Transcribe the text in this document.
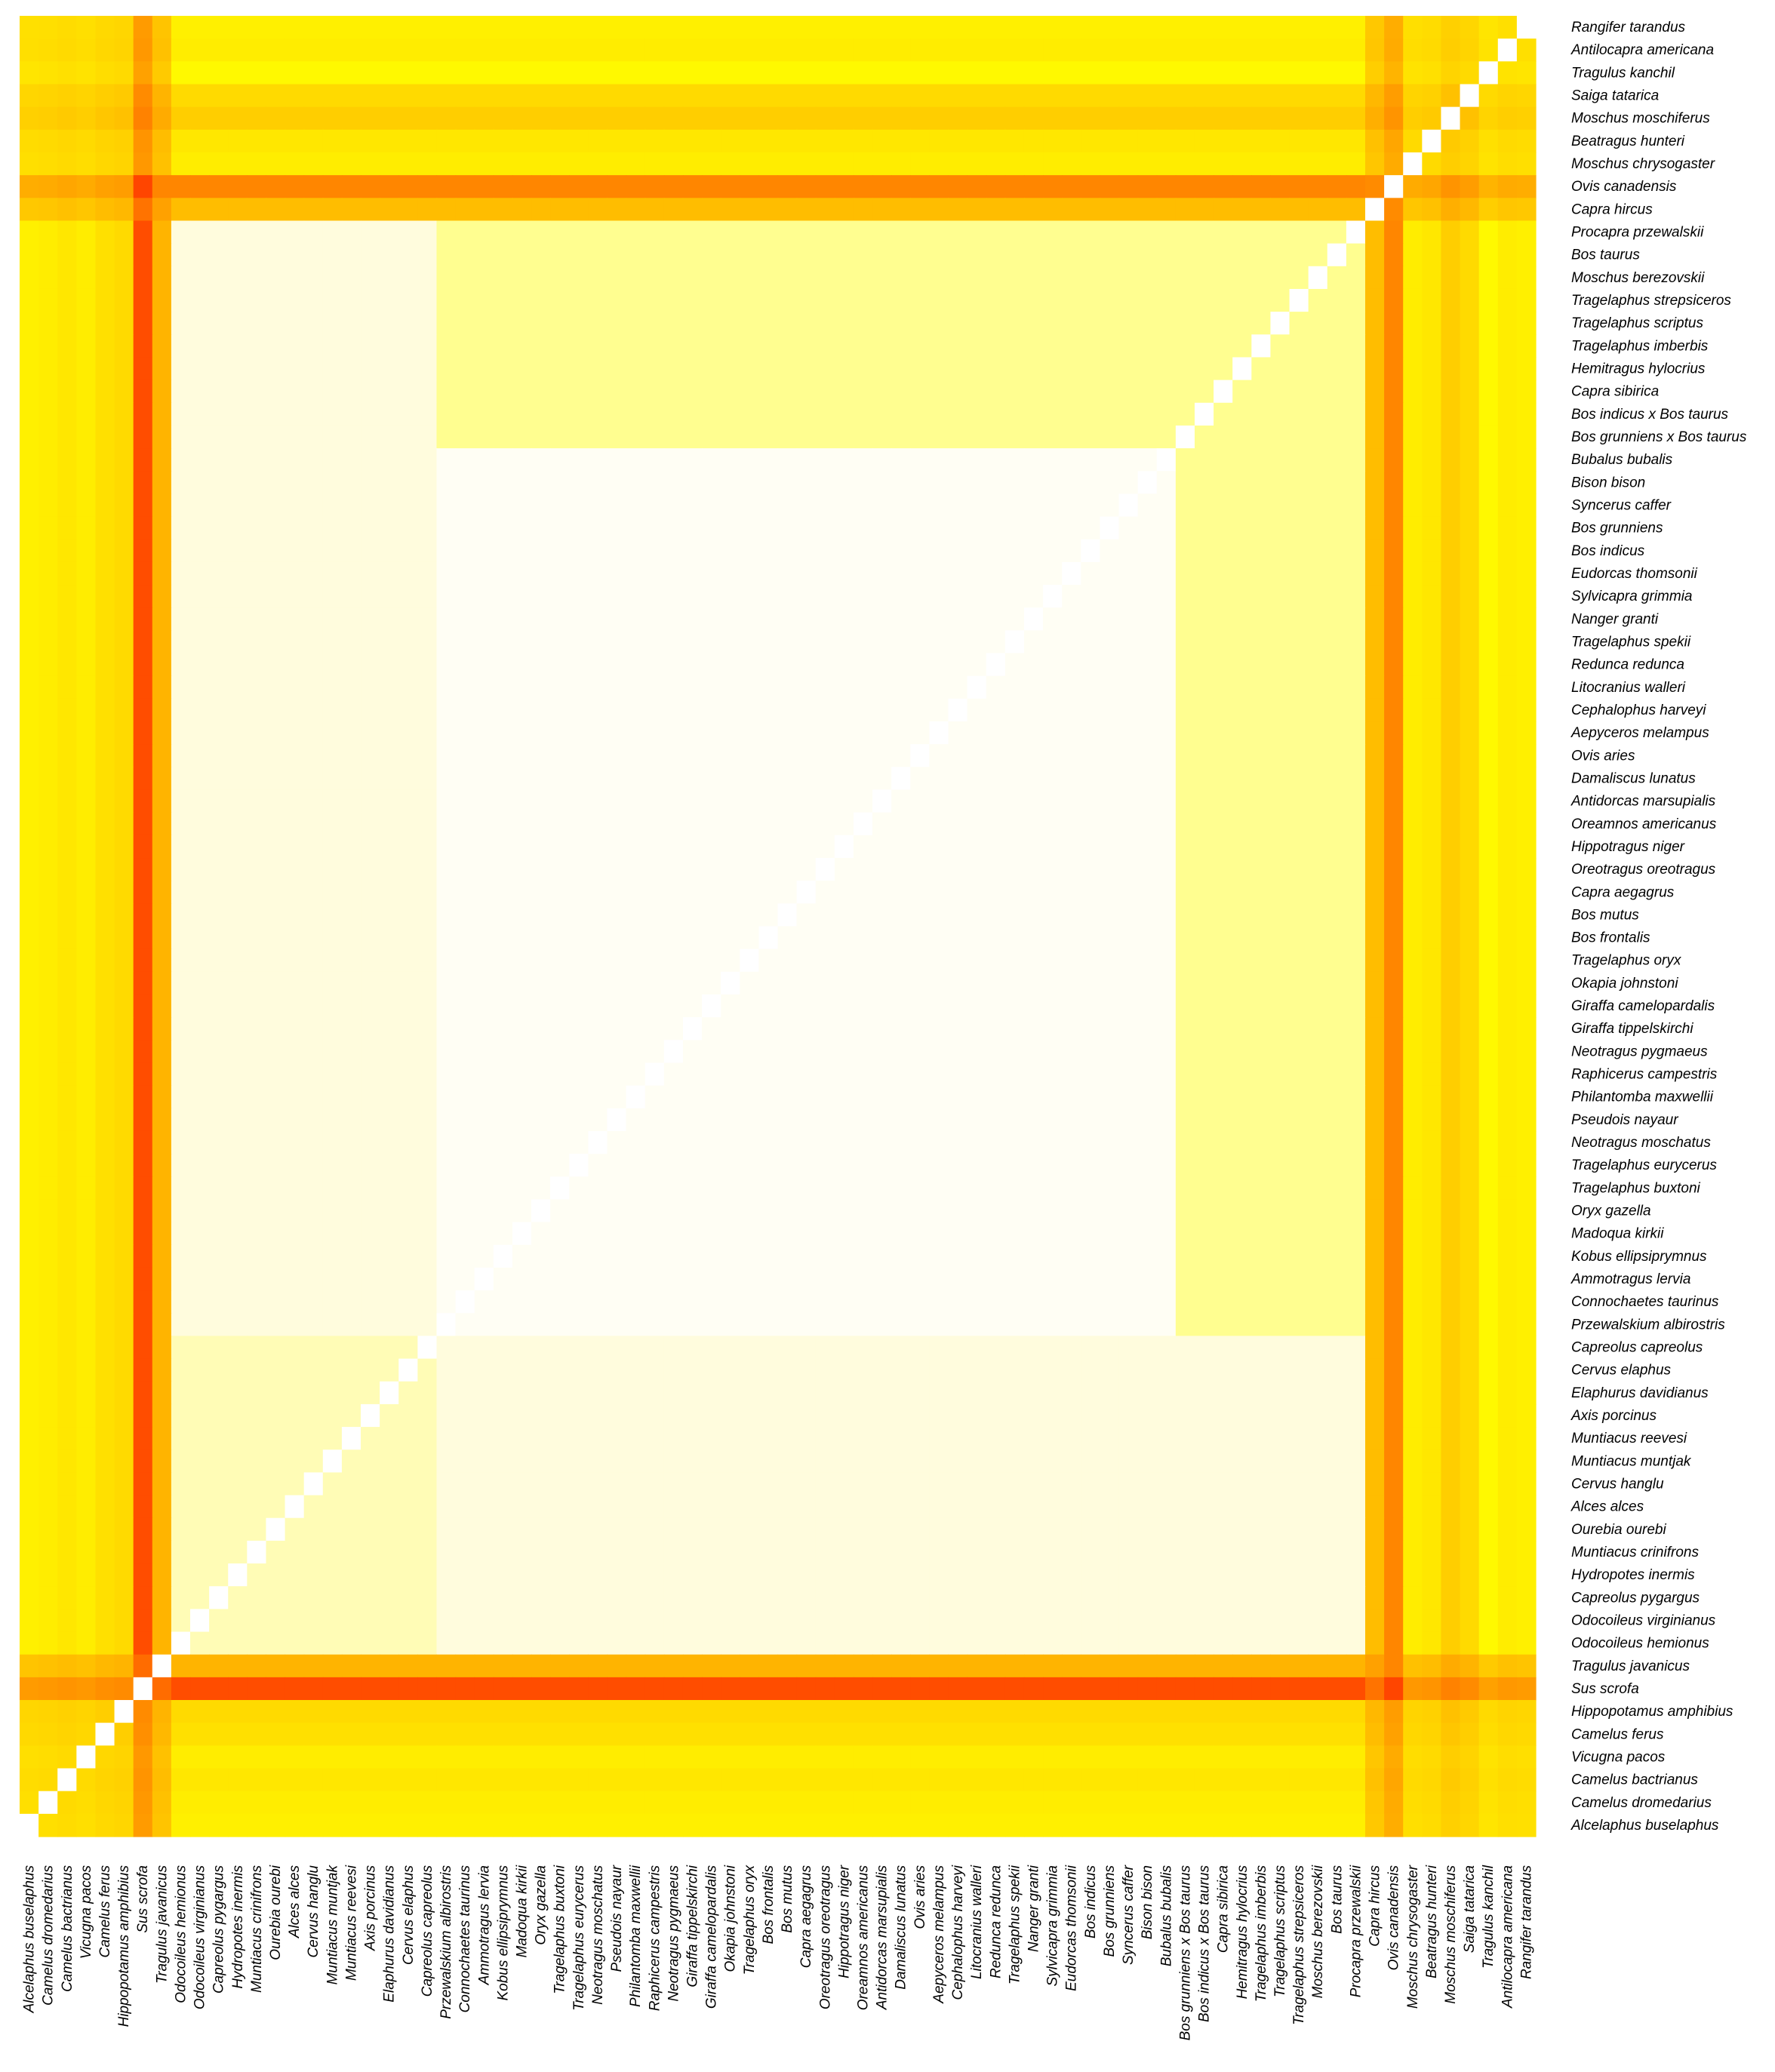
Rangifer tarandus
Antilocapra americana
Tragulus kanchil
Saiga tatarica
Moschus moschiferus
Beatragus hunteri
Moschus chrysogaster
Ovis canadensis
Capra hircus
Procapra przewalskii
Bos taurus
Moschus berezovskii
Tragelaphus strepsiceros
Tragelaphus scriptus
Tragelaphus imberbis
Hemitragus hylocrius
Capra sibirica
Bos indicus x Bos taurus
Bos grunniens x Bos taurus
Bubalus bubalis
Bison bison
Syncerus caffer
Bos grunniens
Bos indicus
Eudorcas thomsonii
Sylvicapra grimmia
Nanger granti
Tragelaphus spekii
Redunca redunca
Litocranius walleri
Cephalophus harveyi
Aepyceros melampus
Ovis aries
Damaliscus lunatus
Antidorcas marsupialis
Oreamnos americanus
Hippotragus niger
Oreotragus oreotragus
Capra aegagrus
Bos mutus
Bos frontalis
Tragelaphus oryx
Okapia johnstoni
Giraffa camelopardalis
Giraffa tippelskirchi
Neotragus pygmaeus
Raphicerus campestris
Philantomba maxwellii
Pseudois nayaur
Neotragus moschatus
Tragelaphus eurycerus
Tragelaphus buxtoni
Oryx gazella
Madoqua kirkii
Kobus ellipsiprymnus
Ammotragus lervia
Connochaetes taurinus
Przewalskium albirostris
Capreolus capreolus
Cervus elaphus
Elaphurus davidianus
Axis porcinus
Muntiacus reevesi
Muntiacus muntjak
Cervus hanglu
Alces alces
Ourebia ourebi
Muntiacus crinifrons
Hydropotes inermis
Capreolus pygargus
Odocoileus virginianus
Odocoileus hemionus
Tragulus javanicus
Sus scrofa
Hippopotamus amphibius
Camelus ferus
Vicugna pacos
Camelus bactrianus
Camelus dromedarius
Alcelaphus buselaphus
Alcelaphus buselaphus Camelus dromedarius Camelus bactrianus Vicugna pacos Camelus ferus Hippopotamus amphibius Sus scrofa Tragulus javanicus Odocoileus hemionus Odocoileus virginianus Capreolus pygargus Hydropotes inermis Muntiacus crinifrons Ourebia ourebi Alces alces Cervus hanglu Muntiacus muntjak Muntiacus reevesi Axis porcinus Elaphurus davidianus Cervus elaphus Capreolus capreolus Przewalskium albirostris Connochaetes taurinus Ammotragus lervia Kobus ellipsiprymnus Madoqua kirkii Oryx gazella Tragelaphus buxtoni Tragelaphus eurycerus Neotragus moschatus Pseudois nayaur Philantomba maxwellii Raphicerus campestris Neotragus pygmaeus Giraffa tippelskirchi Giraffa camelopardalis Okapia johnstoni Tragelaphus oryx Bos frontalis Bos mutus Capra aegagrus Oreotragus oreotragus Hippotragus niger Oreamnos americanus Antidorcas marsupialis Damaliscus lunatus Ovis aries Aepyceros melampus Cephalophus harveyi Litocranius walleri Redunca redunca Tragelaphus spekii Nanger granti Sylvicapra grimmia Eudorcas thomsonii Bos indicus Bos grunniens Syncerus caffer Bison bison Bubalus bubalis Bos grunniens x Bos taurus Bos indicus x Bos taurus Capra sibirica Hemitragus hylocrius Tragelaphus imberbis Tragelaphus scriptus Tragelaphus strepsiceros Moschus berezovskii Bos taurus Procapra przewalskii Capra hircus Ovis canadensis Moschus chrysogaster Beatragus hunteri Moschus moschiferus Saiga tatarica Tragulus kanchil Antilocapra americana Rangifer tarandus
